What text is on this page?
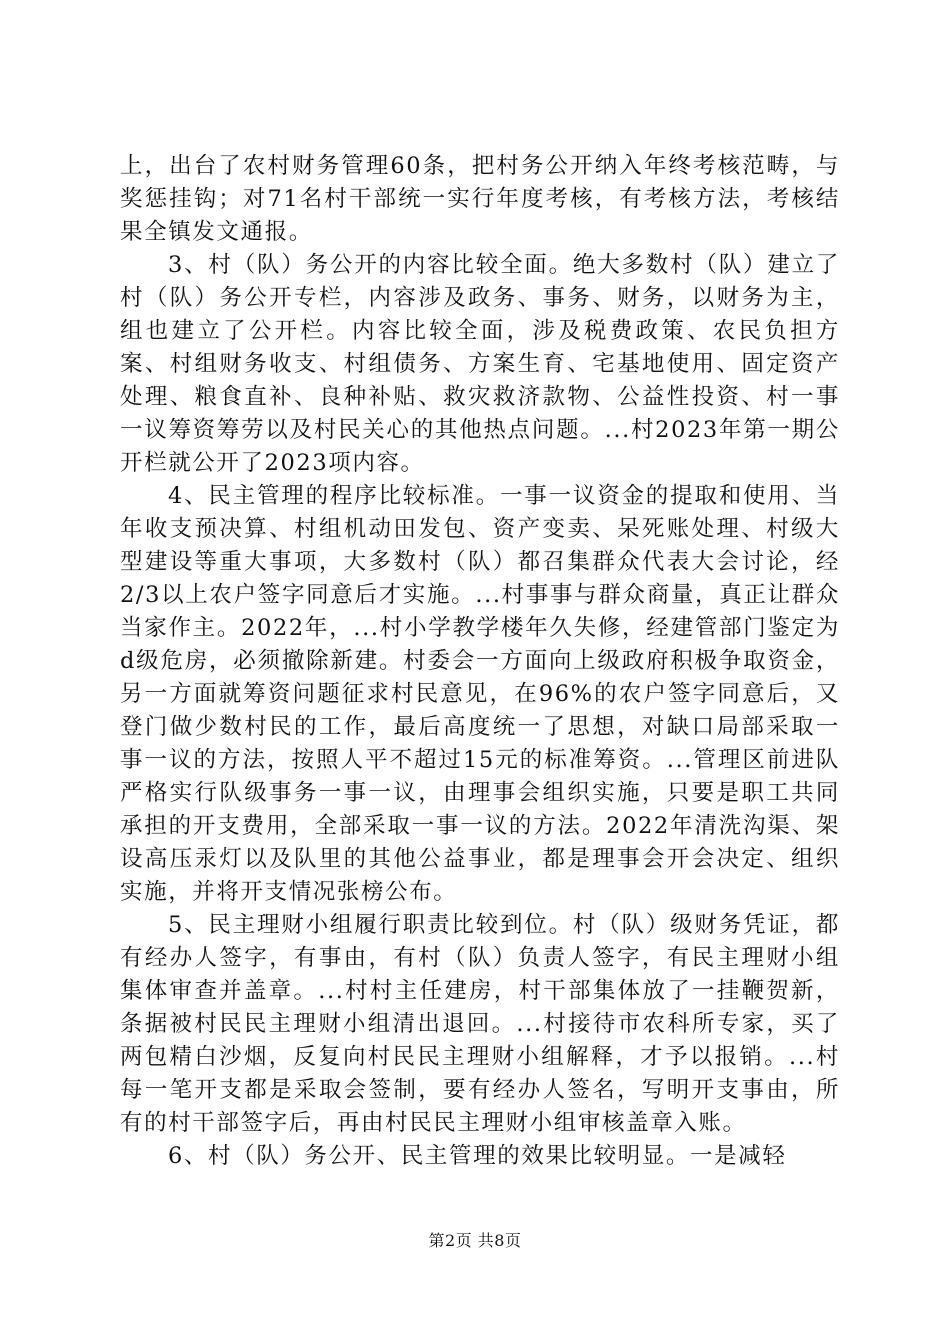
上，出台了农村财务管理60条，把村务公开纳入年终考核范畴，与奖惩挂钩；对71名村干部统一实行年度考核，有考核方法，考核结果全镇发文通报。

3、村（队）务公开的内容比较全面。绝大多数村（队）建立了村（队）务公开专栏，内容涉及政务、事务、财务，以财务为主，组也建立了公开栏。内容比较全面，涉及税费政策、农民负担方案、村组财务收支、村组债务、方案生育、宅基地使用、固定资产处理、粮食直补、良种补贴、救灾救济款物、公益性投资、村一事一议筹资筹劳以及村民关心的其他热点问题。...村2023年第一期公开栏就公开了2023项内容。

4、民主管理的程序比较标准。一事一议资金的提取和使用、当年收支预决算、村组机动田发包、资产变卖、呆死账处理、村级大型建设等重大事项，大多数村（队）都召集群众代表大会讨论，经2/3以上农户签字同意后才实施。...村事事与群众商量，真正让群众当家作主。2022年，...村小学教学楼年久失修，经建管部门鉴定为d级危房，必须撤除新建。村委会一方面向上级政府积极争取资金，另一方面就筹资问题征求村民意见，在96%的农户签字同意后，又登门做少数村民的工作，最后高度统一了思想，对缺口局部采取一事一议的方法，按照人平不超过15元的标准筹资。...管理区前进队严格实行队级事务一事一议，由理事会组织实施，只要是职工共同承担的开支费用，全部采取一事一议的方法。2022年清洗沟渠、架设高压汞灯以及队里的其他公益事业，都是理事会开会决定、组织实施，并将开支情况张榜公布。

5、民主理财小组履行职责比较到位。村（队）级财务凭证，都有经办人签字，有事由，有村（队）负责人签字，有民主理财小组集体审查并盖章。...村村主任建房，村干部集体放了一挂鞭贺新，条据被村民民主理财小组清出退回。...村接待市农科所专家，买了两包精白沙烟，反复向村民民主理财小组解释，才予以报销。...村每一笔开支都是采取会签制，要有经办人签名，写明开支事由，所有的村干部签字后，再由村民民主理财小组审核盖章入账。

6、村（队）务公开、民主管理的效果比较明显。一是减轻

第2页 共8页
